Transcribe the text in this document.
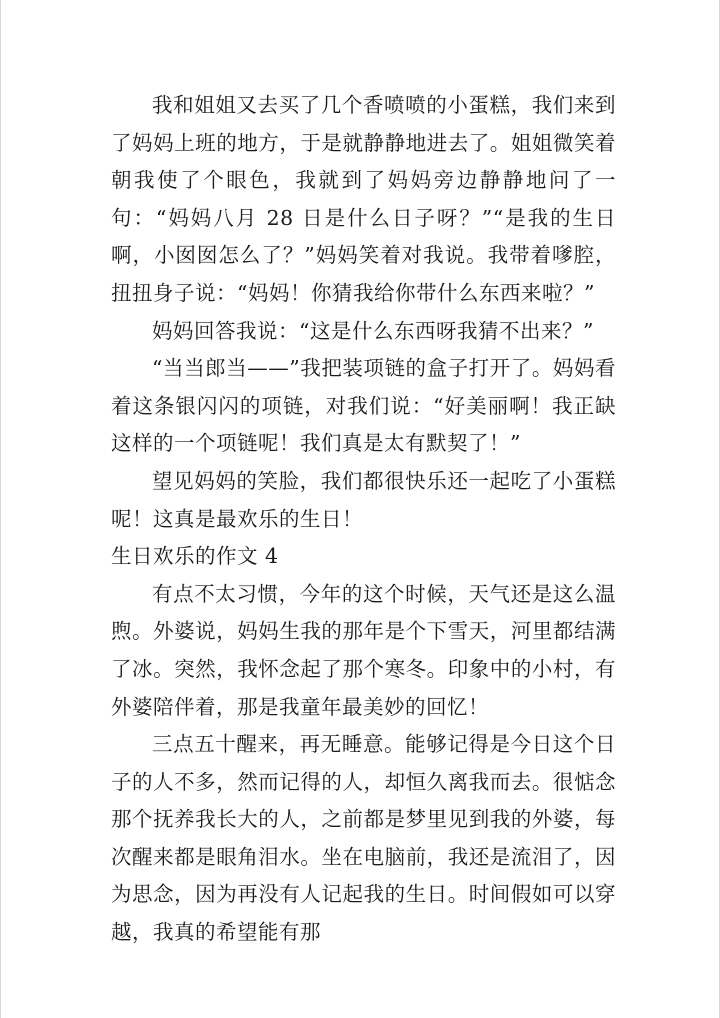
我和姐姐又去买了几个香喷喷的小蛋糕，我们来到了妈妈上班的地方，于是就静静地进去了。姐姐微笑着朝我使了个眼色，我就到了妈妈旁边静静地问了一句：“妈妈八月 28 日是什么日子呀？”“是我的生日啊，小囡囡怎么了？”妈妈笑着对我说。我带着嗲腔，扭扭身子说：“妈妈！你猜我给你带什么东西来啦？”

妈妈回答我说：“这是什么东西呀我猜不出来？”

“当当郎当——”我把装项链的盒子打开了。妈妈看着这条银闪闪的项链，对我们说：“好美丽啊！我正缺这样的一个项链呢！我们真是太有默契了！”

望见妈妈的笑脸，我们都很快乐还一起吃了小蛋糕呢！这真是最欢乐的生日！

生日欢乐的作文 4

有点不太习惯，今年的这个时候，天气还是这么温煦。外婆说，妈妈生我的那年是个下雪天，河里都结满了冰。突然，我怀念起了那个寒冬。印象中的小村，有外婆陪伴着，那是我童年最美妙的回忆！

三点五十醒来，再无睡意。能够记得是今日这个日子的人不多，然而记得的人，却恒久离我而去。很惦念那个抚养我长大的人，之前都是梦里见到我的外婆，每次醒来都是眼角泪水。坐在电脑前，我还是流泪了，因为思念，因为再没有人记起我的生日。时间假如可以穿越，我真的希望能有那
